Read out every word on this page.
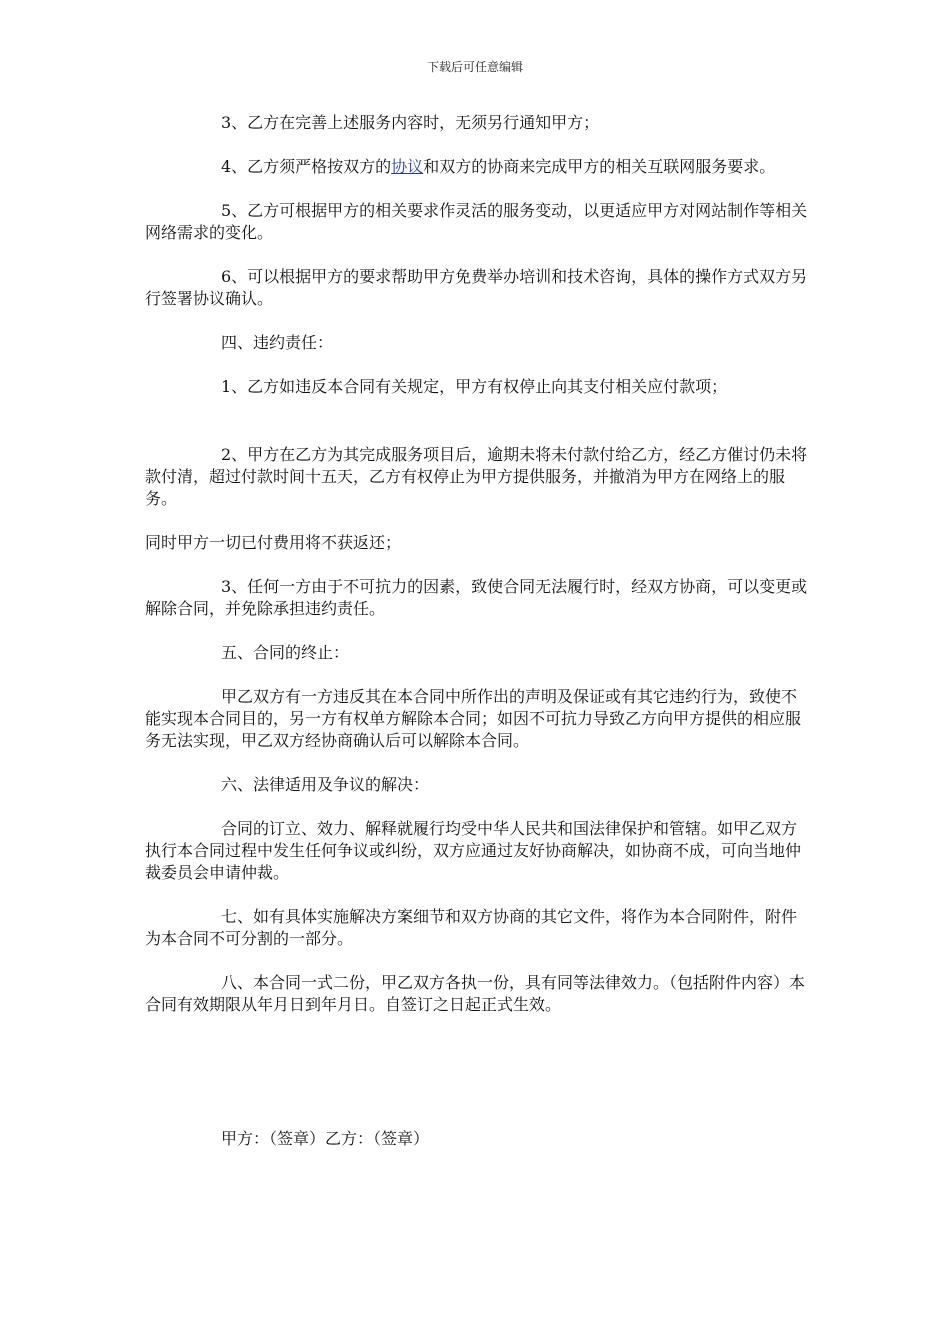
下载后可任意编辑

3、乙方在完善上述服务内容时，无须另行通知甲方；

4、乙方须严格按双方的协议和双方的协商来完成甲方的相关互联网服务要求。

5、乙方可根据甲方的相关要求作灵活的服务变动，以更适应甲方对网站制作等相关网络需求的变化。

6、可以根据甲方的要求帮助甲方免费举办培训和技术咨询，具体的操作方式双方另行签署协议确认。

四、违约责任：

1、乙方如违反本合同有关规定，甲方有权停止向其支付相关应付款项；

2、甲方在乙方为其完成服务项目后，逾期未将未付款付给乙方，经乙方催讨仍未将款付清，超过付款时间十五天，乙方有权停止为甲方提供服务，并撤消为甲方在网络上的服务。

同时甲方一切已付费用将不获返还；

3、任何一方由于不可抗力的因素，致使合同无法履行时，经双方协商，可以变更或解除合同，并免除承担违约责任。

五、合同的终止：

甲乙双方有一方违反其在本合同中所作出的声明及保证或有其它违约行为，致使不能实现本合同目的，另一方有权单方解除本合同；如因不可抗力导致乙方向甲方提供的相应服务无法实现，甲乙双方经协商确认后可以解除本合同。

六、法律适用及争议的解决：

合同的订立、效力、解释就履行均受中华人民共和国法律保护和管辖。如甲乙双方执行本合同过程中发生任何争议或纠纷，双方应通过友好协商解决，如协商不成，可向当地仲裁委员会申请仲裁。

七、如有具体实施解决方案细节和双方协商的其它文件，将作为本合同附件，附件为本合同不可分割的一部分。

八、本合同一式二份，甲乙双方各执一份，具有同等法律效力。（包括附件内容）本合同有效期限从年月日到年月日。自签订之日起正式生效。

甲方：（签章）乙方：（签章）
